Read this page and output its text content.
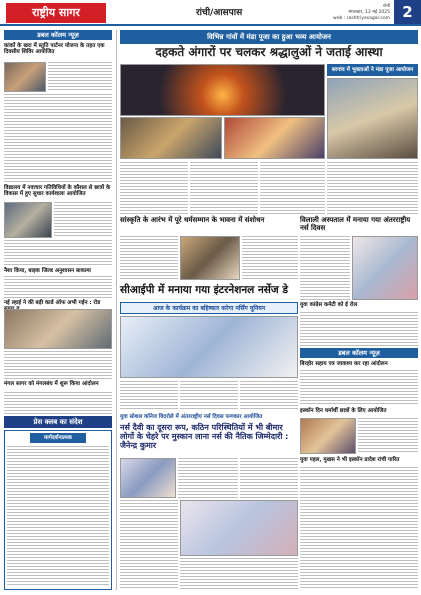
राष्ट्रीय सागर	रांची/आसपास
रांची
मंगलवार, 13 मई 2025
web : rashtriyasagar.com 2
डबल कॉलम न्यूज़
कांकों के खरा में स्तुति पार्टनर योजना के तहत एक दिवसीय शिविर आयोजित
विद्यालय में नवाचार गतिविधियों के कौशल से छात्रों के विकास में हुए सुधार कार्यशाला आयोजित
नैशा किया, बाइक जिल्ड अनुशासन बाकामा
नई ल्हाई ने की बड़ी कार्ड ऑफ अभी गईन : रोड
मंगल सागर को मंगलबंध में शुरू किया आंदोलन
प्रेस क्लब का संदेश
मार्गदर्शनात्मक
विभिन्न गांवों में मंडा पूजा का हुआ भव्य आयोजन
दहकते अंगारों पर चलकर श्रद्धालुओं ने जताई आस्था
बरगांव में भुक्ताओं ने मंडा पूजा आयोजन
सांस्कृति के आरंभ में पूरे धर्मसम्मान के भावना में संशोधन	विलाली अस्पताल में मनाया गया अंतरराष्ट्रीय नर्स दिवस
सीआईपी में मनाया गया इंटरनेशनल नर्सेज डे
आज के कार्यक्रम का बहिष्कार करेगा नर्सिंग यूनियन	युवा कांग्रेस कमेटी को ई रोल
डबल कॉलम न्यूज़
बिरहोर सहाय पत्र जावाश्य कर रहा आंदोलन
इस्कॉन दिन धर्मार्थी छात्रों के लिए आयोजित
युवा पहल, मुखस ने भी इस्कॉन प्रादेश रांची पारित
युवा सोशल कॉनेज विदरोले में अंतरराष्ट्रीय नर्स दिवस फणकार आयोजित
नर्स दैवी का दूसरा रूप, कठिन परिस्थितियों में भी बीमार लोगों के चेहरे पर मुस्कान लाना नर्स की नैतिक जिम्मेदारी : जैनेन्द्र कुमार
